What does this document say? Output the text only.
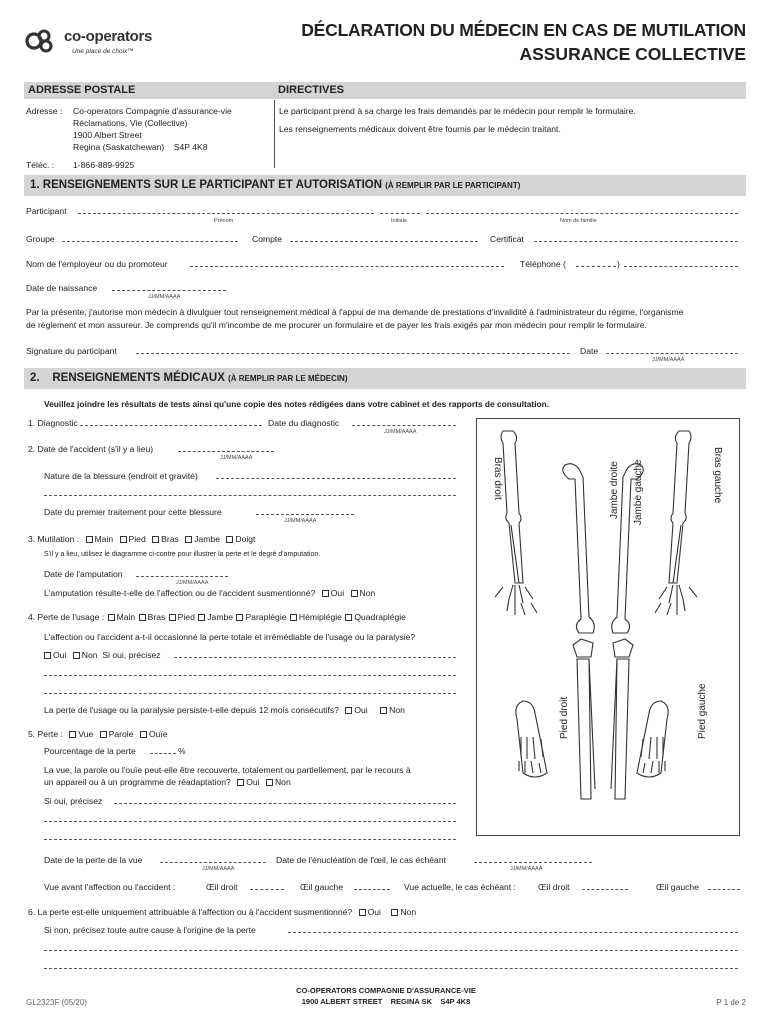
co-operators
Une place de choix™
DÉCLARATION DU MÉDECIN EN CAS DE MUTILATION
ASSURANCE COLLECTIVE
ADRESSE POSTALE	DIRECTIVES
Adresse : Co-operators Compagnie d'assurance-vie
Réclamations, Vie (Collective)
1900 Albert Street
Regina (Saskatchewan)    S4P 4K8
Téléc. : 1-866-889-9925
Le participant prend à sa charge les frais demandés par le médecin pour remplir le formulaire.
Les renseignements médicaux doivent être fournis par le médecin traitant.
1. RENSEIGNEMENTS SUR LE PARTICIPANT ET AUTORISATION (À REMPLIR PAR LE PARTICIPANT)
Participant
Prénom	Initiale	Nom de famille
Groupe	Compte	Certificat
Nom de l'employeur ou du promoteur	Téléphone (	)
Date de naissance
JJ/MM/AAAA
Par la présente, j'autorise mon médecin à divulguer tout renseignement médical à l'appui de ma demande de prestations d'invalidité à l'administrateur du régime, l'organisme
de règlement et mon assureur. Je comprends qu'il m'incombe de me procurer un formulaire et de payer les frais exigés par mon médecin pour remplir le formulaire.
Signature du participant	Date
JJ/MM/AAAA
2.    RENSEIGNEMENTS MÉDICAUX (À REMPLIR PAR LE MÉDECIN)
Veuillez joindre les résultats de tests ainsi qu'une copie des notes rédigées dans votre cabinet et des rapports de consultation.
1. Diagnostic	Date du diagnostic
JJ/MM/AAAA
2. Date de l'accident (s'il y a lieu)
JJ/MM/AAAA
Nature de la blessure (endroit et gravité)
Date du premier traitement pour cette blessure
JJ/MM/AAAA
3. Mutilation : Main Pied Bras Jambe Doigt
S'il y a lieu, utilisez le diagramme ci-contre pour illustrer la perte et le degré d'amputation.
Date de l'amputation
JJ/MM/AAAA
L'amputation résulte-t-elle de l'affection ou de l'accident susmentionné? Oui Non
4. Perte de l'usage : Main Bras Pied Jambe Paraplégie Hémiplégie Quadraplégie
L'affection ou l'accident a-t-il occasionné la perte totale et irrémédiable de l'usage ou la paralysie?
Oui Non Si oui, précisez
La perte de l'usage ou la paralysie persiste-t-elle depuis 12 mois consécutifs? Oui Non
5. Perte : Vue Parole Ouïe
Pourcentage de la perte	%
La vue, la parole ou l'ouïe peut-elle être recouverte, totalement ou partiellement, par le recours à
un appareil ou à un programme de réadaptation? Oui Non
Si oui, précisez
Date de la perte de la vue
JJ/MM/AAAA
Date de l'énucléation de l'œil, le cas échéant
JJ/MM/AAAA
Vue avant l'affection ou l'accident :	Œil droit	Œil gauche	Vue actuelle, le cas échéant :	Œil droit	Œil gauche
6. La perte est-elle uniquement attribuable à l'affection ou à l'accident susmentionné? Oui Non
Si non, précisez toute autre cause à l'origine de la perte
Bras droit	Bras gauche
Jambe droite Jambe gauche
Pied droit	Pied gauche
GL2323F (05/20)
CO-OPERATORS COMPAGNIE D'ASSURANCE-VIE
1900 ALBERT STREET    REGINA SK    S4P 4K8	P 1 de 2
